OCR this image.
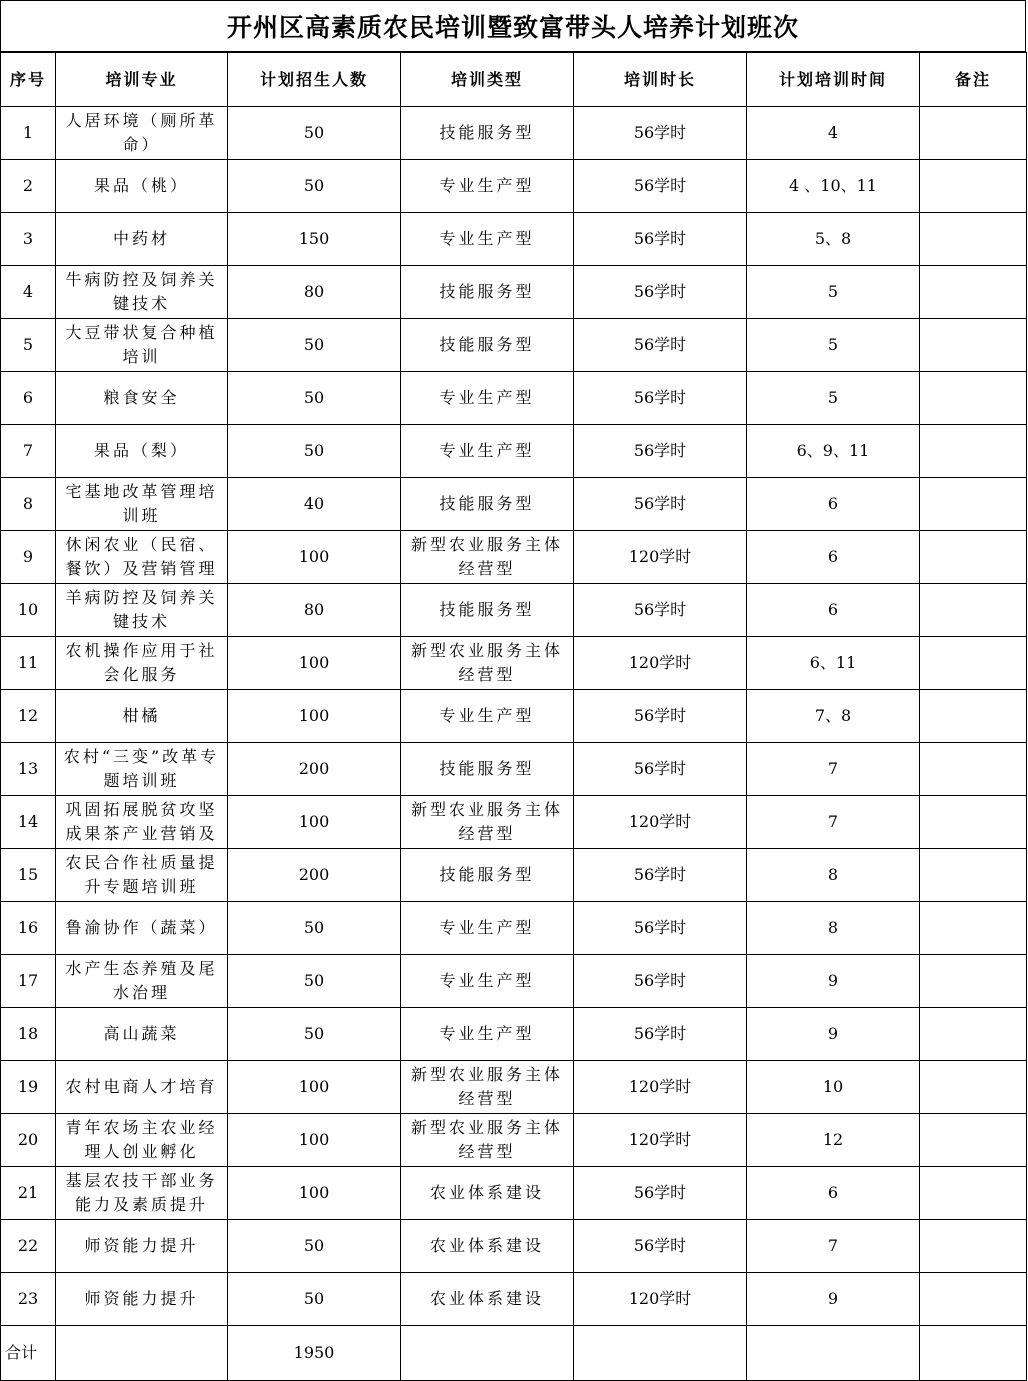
开州区高素质农民培训暨致富带头人培养计划班次
序号	培训专业	计划招生人数	培训类型	培训时长	计划培训时间	备注
1	人居环境（厕所革命）	50	技能服务型	56学时	4	
2	果品（桃）	50	专业生产型	56学时	4 、10、11	
3	中药材	150	专业生产型	56学时	5、8	
4	牛病防控及饲养关键技术	80	技能服务型	56学时	5	
5	大豆带状复合种植培训	50	技能服务型	56学时	5	
6	粮食安全	50	专业生产型	56学时	5	
7	果品（梨）	50	专业生产型	56学时	6、9、11	
8	宅基地改革管理培训班	40	技能服务型	56学时	6	
9	休闲农业（民宿、餐饮）及营销管理	100	新型农业服务主体经营型	120学时	6	
10	羊病防控及饲养关键技术	80	技能服务型	56学时	6	
11	农机操作应用于社会化服务	100	新型农业服务主体经营型	120学时	6、11	
12	柑橘	100	专业生产型	56学时	7、8	
13	农村“三变”改革专题培训班	200	技能服务型	56学时	7	
14	巩固拓展脱贫攻坚成果茶产业营销及	100	新型农业服务主体经营型	120学时	7	
15	农民合作社质量提升专题培训班	200	技能服务型	56学时	8	
16	鲁渝协作（蔬菜）	50	专业生产型	56学时	8	
17	水产生态养殖及尾水治理	50	专业生产型	56学时	9	
18	高山蔬菜	50	专业生产型	56学时	9	
19	农村电商人才培育	100	新型农业服务主体经营型	120学时	10	
20	青年农场主农业经理人创业孵化	100	新型农业服务主体经营型	120学时	12	
21	基层农技干部业务能力及素质提升	100	农业体系建设	56学时	6	
22	师资能力提升	50	农业体系建设	56学时	7	
23	师资能力提升	50	农业体系建设	120学时	9	
合计		1950				
